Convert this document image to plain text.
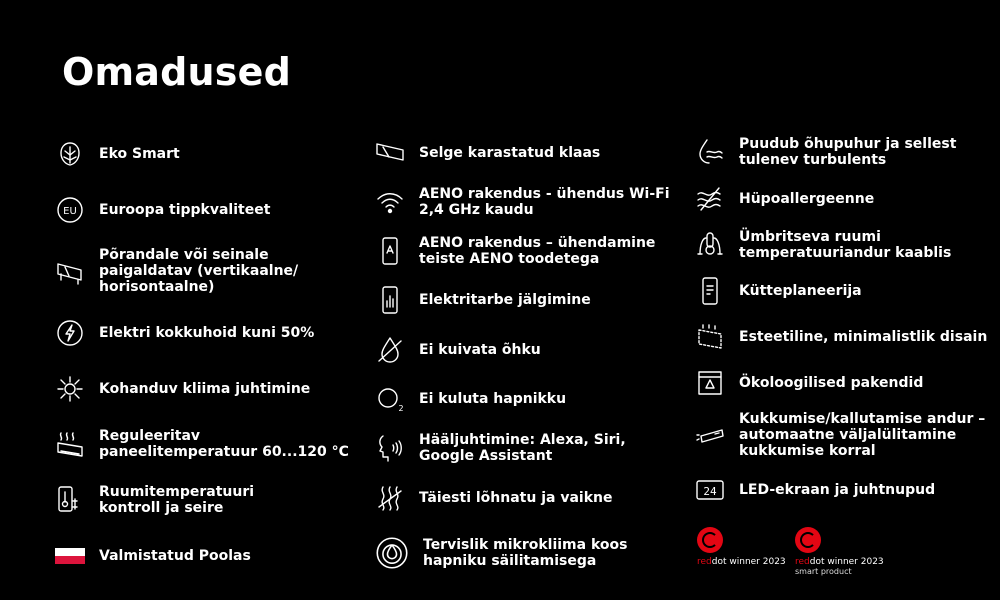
Omadused
Eko Smart
EU Euroopa tippkvaliteet
Põrandale või seinale
paigaldatav (vertikaalne/
horisontaalne)
Elektri kokkuhoid kuni 50%
Kohanduv kliima juhtimine
Reguleeritav
paneelitemperatuur 60...120 °C
Ruumitemperatuuri
kontroll ja seire
Valmistatud Poolas
Selge karastatud klaas
AENO rakendus - ühendus Wi-Fi
2,4 GHz kaudu
AENO rakendus – ühendamine
teiste AENO toodetega
Elektritarbe jälgimine
Ei kuivata õhku
2
Ei kuluta hapnikku
Hääljuhtimine: Alexa, Siri,
Google Assistant
Täiesti lõhnatu ja vaikne
Tervislik mikrokliima koos
hapniku säilitamisega
Puudub õhupuhur ja sellest
tulenev turbulents
Hüpoallergeenne
Ümbritseva ruumi
temperatuuriandur kaablis
Kütteplaneerija
Esteetiline, minimalistlik disain
Ökoloogilised pakendid
Kukkumise/kallutamise andur –
automaatne väljalülitamine
kukkumise korral
24 LED-ekraan ja juhtnupud
reddot winner 2023 reddot winner 2023
smart product
